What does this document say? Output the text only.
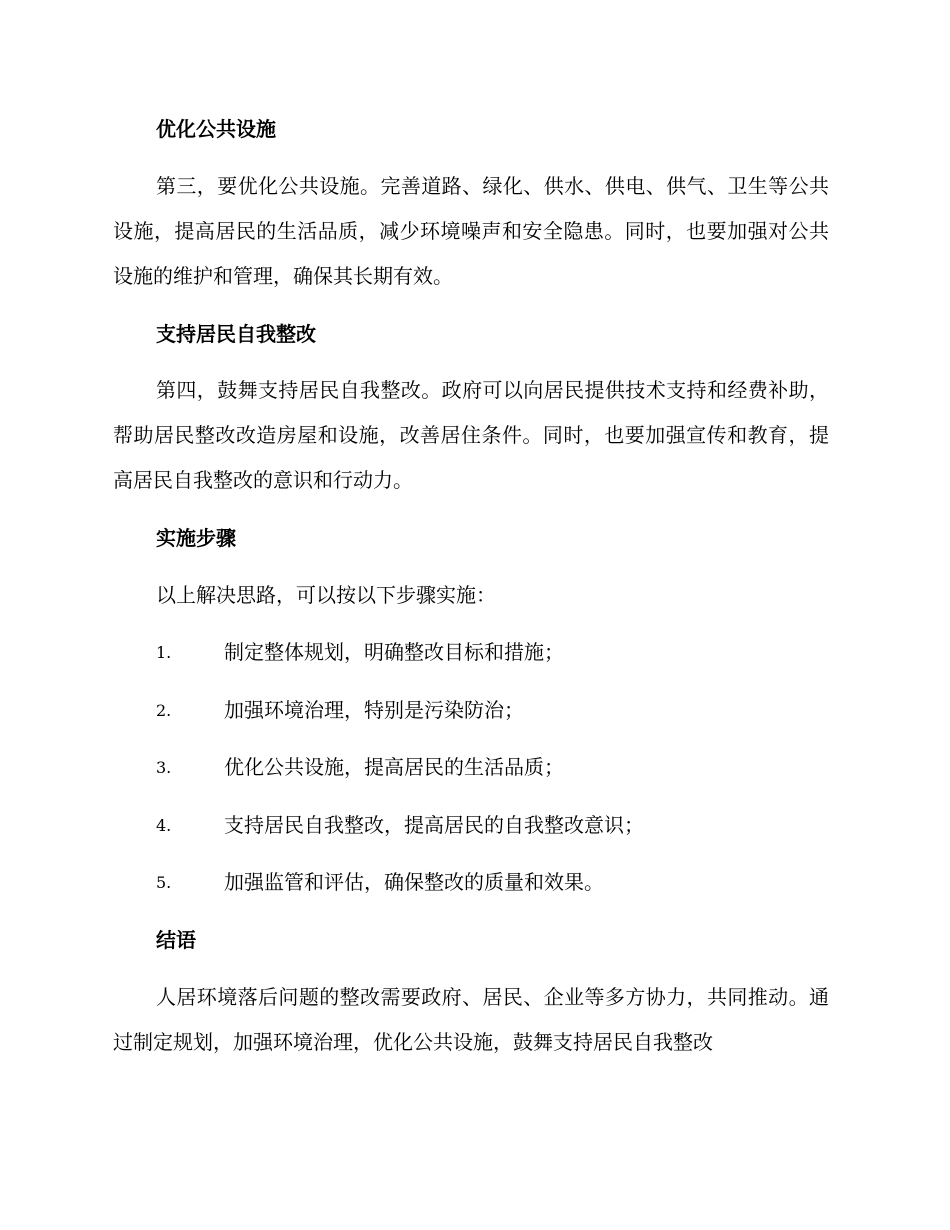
优化公共设施
第三，要优化公共设施。完善道路、绿化、供水、供电、供气、卫生等公共设施，提高居民的生活品质，减少环境噪声和安全隐患。同时，也要加强对公共设施的维护和管理，确保其长期有效。
支持居民自我整改
第四，鼓舞支持居民自我整改。政府可以向居民提供技术支持和经费补助，帮助居民整改改造房屋和设施，改善居住条件。同时，也要加强宣传和教育，提高居民自我整改的意识和行动力。
实施步骤
以上解决思路，可以按以下步骤实施：
1.	制定整体规划，明确整改目标和措施；
2.	加强环境治理，特别是污染防治；
3.	优化公共设施，提高居民的生活品质；
4.	支持居民自我整改，提高居民的自我整改意识；
5.	加强监管和评估，确保整改的质量和效果。
结语
人居环境落后问题的整改需要政府、居民、企业等多方协力，共同推动。通过制定规划，加强环境治理，优化公共设施，鼓舞支持居民自我整改
